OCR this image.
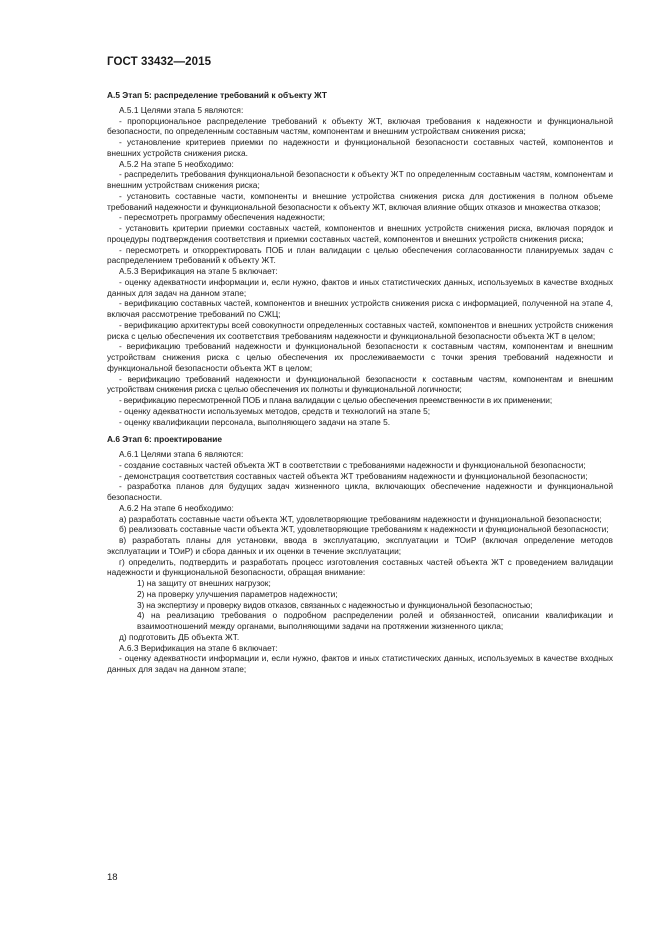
ГОСТ 33432—2015

А.5 Этап 5: распределение требований к объекту ЖТ

А.5.1 Целями этапа 5 являются:

- пропорциональное распределение требований к объекту ЖТ, включая требования к надежности и функциональной безопасности, по определенным составным частям, компонентам и внешним устройствам снижения риска;

- установление критериев приемки по надежности и функциональной безопасности составных частей, компонентов и внешних устройств снижения риска.

А.5.2 На этапе 5 необходимо:

- распределить требования функциональной безопасности к объекту ЖТ по определенным составным частям, компонентам и внешним устройствам снижения риска;

- установить составные части, компоненты и внешние устройства снижения риска для достижения в полном объеме требований надежности и функциональной безопасности к объекту ЖТ, включая влияние общих отказов и множества отказов;

- пересмотреть программу обеспечения надежности;

- установить критерии приемки составных частей, компонентов и внешних устройств снижения риска, включая порядок и процедуры подтверждения соответствия и приемки составных частей, компонентов и внешних устройств снижения риска;

- пересмотреть и откорректировать ПОБ и план валидации с целью обеспечения согласованности планируемых задач с распределением требований к объекту ЖТ.

А.5.3 Верификация на этапе 5 включает:

- оценку адекватности информации и, если нужно, фактов и иных статистических данных, используемых в качестве входных данных для задач на данном этапе;

- верификацию составных частей, компонентов и внешних устройств снижения риска с информацией, полученной на этапе 4, включая рассмотрение требований по СЖЦ;

- верификацию архитектуры всей совокупности определенных составных частей, компонентов и внешних устройств снижения риска с целью обеспечения их соответствия требованиям надежности и функциональной безопасности объекта ЖТ в целом;

- верификацию требований надежности и функциональной безопасности к составным частям, компонентам и внешним устройствам снижения риска с целью обеспечения их прослеживаемости с точки зрения требований надежности и функциональной безопасности объекта ЖТ в целом;

- верификацию требований надежности и функциональной безопасности к составным частям, компонентам и внешним устройствам снижения риска с целью обеспечения их полноты и функциональной логичности;

- верификацию пересмотренной ПОБ и плана валидации с целью обеспечения преемственности в их применении;

- оценку адекватности используемых методов, средств и технологий на этапе 5;

- оценку квалификации персонала, выполняющего задачи на этапе 5.

А.6 Этап 6: проектирование

А.6.1 Целями этапа 6 являются:

- создание составных частей объекта ЖТ в соответствии с требованиями надежности и функциональной безопасности;

- демонстрация соответствия составных частей объекта ЖТ требованиям надежности и функциональной безопасности;

- разработка планов для будущих задач жизненного цикла, включающих обеспечение надежности и функциональной безопасности.

А.6.2 На этапе 6 необходимо:

а) разработать составные части объекта ЖТ, удовлетворяющие требованиям надежности и функциональной безопасности;

б) реализовать составные части объекта ЖТ, удовлетворяющие требованиям к надежности и функциональной безопасности;

в) разработать планы для установки, ввода в эксплуатацию, эксплуатации и ТОиР (включая определение методов эксплуатации и ТОиР) и сбора данных и их оценки в течение эксплуатации;

г) определить, подтвердить и разработать процесс изготовления составных частей объекта ЖТ с проведением валидации надежности и функциональной безопасности, обращая внимание:

1) на защиту от внешних нагрузок;

2) на проверку улучшения параметров надежности;

3) на экспертизу и проверку видов отказов, связанных с надежностью и функциональной безопасностью;

4) на реализацию требования о подробном распределении ролей и обязанностей, описании квалификации и взаимоотношений между органами, выполняющими задачи на протяжении жизненного цикла;

д) подготовить ДБ объекта ЖТ.

А.6.3 Верификация на этапе 6 включает:

- оценку адекватности информации и, если нужно, фактов и иных статистических данных, используемых в качестве входных данных для задач на данном этапе;

18
